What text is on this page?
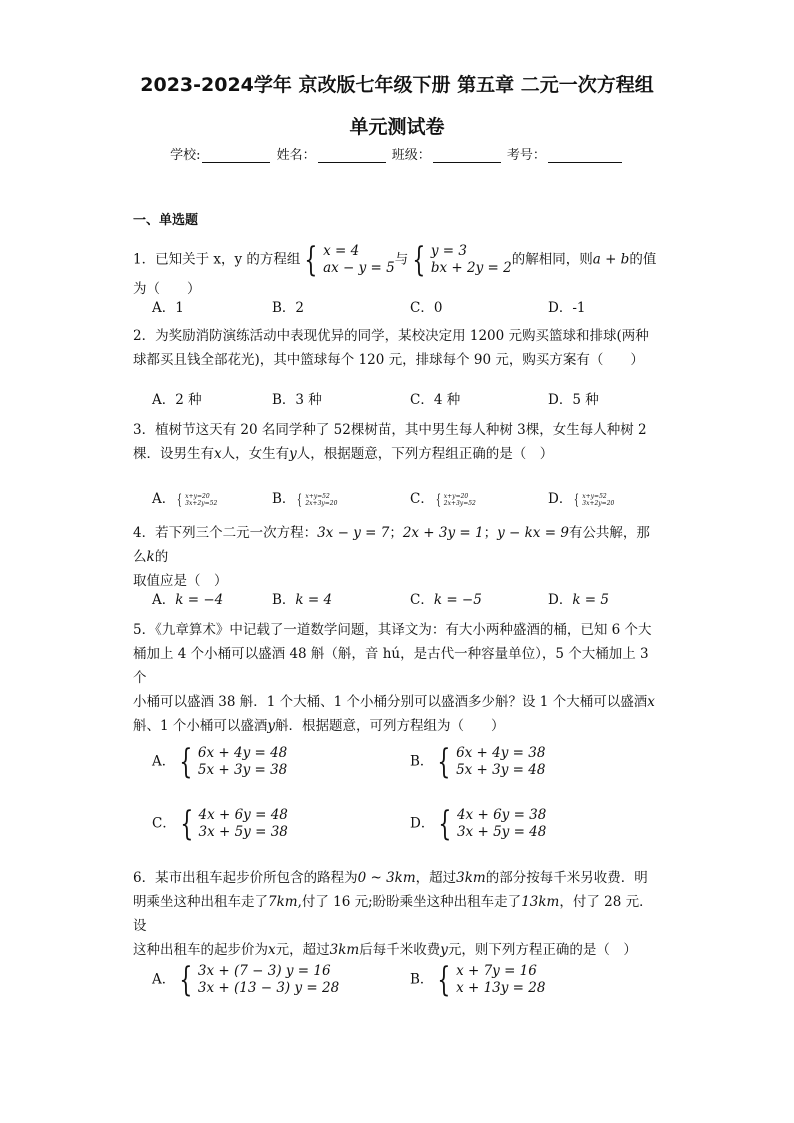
2023-2024学年 京改版七年级下册 第五章 二元一次方程组
单元测试卷
学校:	姓名：	班级：	考号：
一、单选题
1．已知关于 x，y 的方程组 { x = 4
ax − y = 5
与 { y = 3
bx + 2y = 2
的解相同，则a + b的值为（　　）
A．1	B．2	C．0	D．-1
2．为奖励消防演练活动中表现优异的同学，某校决定用 1200 元购买篮球和排球(两种
球都买且钱全部花光)，其中篮球每个 120 元，排球每个 90 元，购买方案有（　　）
A．2 种	B．3 种	C．4 种	D．5 种
3．植树节这天有 20 名同学种了 52棵树苗，其中男生每人种树 3棵，女生每人种树 2
棵．设男生有x人，女生有y人，根据题意，下列方程组正确的是（　）
A． { x+y=20
3x+2y=52	B． { x+y=52
2x+3y=20	C． { x+y=20
2x+3y=52	D． { x+y=52
3x+2y=20
4．若下列三个二元一次方程：3x − y = 7；2x + 3y = 1；y − kx = 9有公共解，那么k的
取值应是（　）
A．k = −4	B．k = 4	C．k = −5	D．k = 5
5．《九章算术》中记载了一道数学问题，其译文为：有大小两种盛酒的桶，已知 6 个大
桶加上 4 个小桶可以盛酒 48 斛（斛，音 hú，是古代一种容量单位），5 个大桶加上 3 个
小桶可以盛酒 38 斛．1 个大桶、1 个小桶分别可以盛酒多少斛？设 1 个大桶可以盛酒x
斛、1 个小桶可以盛酒y斛．根据题意，可列方程组为（　　）
A． { 6x + 4y = 48
5x + 3y = 38
B． { 6x + 4y = 38
5x + 3y = 48
C． { 4x + 6y = 48
3x + 5y = 38
D． { 4x + 6y = 38
3x + 5y = 48
6．某市出租车起步价所包含的路程为0 ~ 3km，超过3km的部分按每千米另收费．明
明乘坐这种出租车走了7km,付了 16 元;盼盼乘坐这种出租车走了13km，付了 28 元．设
这种出租车的起步价为x元，超过3km后每千米收费y元，则下列方程正确的是（　）
A． { 3x + (7 − 3) y = 16
3x + (13 − 3) y = 28
B． { x + 7y = 16
x + 13y = 28
